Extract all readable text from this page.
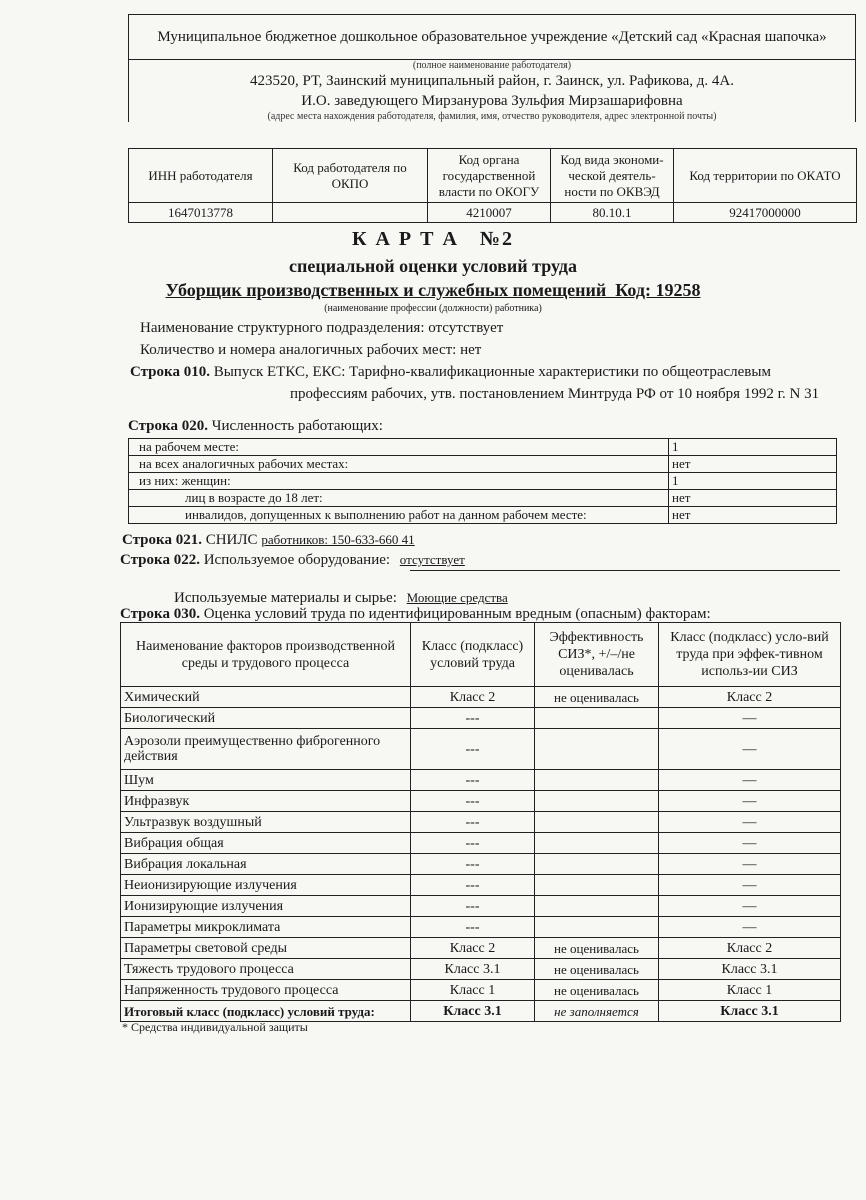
Муниципальное бюджетное дошкольное образовательное учреждение «Детский сад «Красная шапочка»

(полное наименование работодателя)
423520, РТ, Заинский муниципальный район, г. Заинск, ул. Рафикова, д. 4А.
И.О. заведующего Мирзанурова Зульфия Мирзашарифовна
(адрес места нахождения работодателя, фамилия, имя, отчество руководителя, адрес электронной почты)
ИНН работодателя	Код работодателя по ОКПО	Код органа государственной власти по ОКОГУ	Код вида экономи-ческой деятель-ности по ОКВЭД	Код территории по ОКАТО
1647013778		4210007	80.10.1	92417000000
К А Р Т А   №2
специальной оценки условий труда
Уборщик производственных и служебных помещений  Код: 19258
(наименование профессии (должности) работника)
Наименование структурного подразделения: отсутствует
Количество и номера аналогичных рабочих мест: нет
Строка 010. Выпуск ЕТКС, ЕКС: Тарифно-квалификационные характеристики по общеотраслевым
профессиям рабочих, утв. постановлением Минтруда РФ от 10 ноября 1992 г. N 31
Строка 020. Численность работающих:
на рабочем месте:	1
на всех аналогичных рабочих местах:	нет
из них: женщин:	1
лиц в возрасте до 18 лет:	нет
инвалидов, допущенных к выполнению работ на данном рабочем месте:	нет
Строка 021. СНИЛС работников: 150-633-660 41
Строка 022. Используемое оборудование: отсутствует
Используемые материалы и сырье: Моющие средства
Строка 030. Оценка условий труда по идентифицированным вредным (опасным) факторам:
Наименование факторов производственной среды и трудового процесса	Класс (подкласс) условий труда	Эффективность СИЗ*, +/–/не оценивалась	Класс (подкласс) усло-вий труда при эффек-тивном использ-ии СИЗ
Химический	Класс 2	не оценивалась	Класс 2
Биологический	---		—
Аэрозоли преимущественно фиброгенного действия	---		—
Шум	---		—
Инфразвук	---		—
Ультразвук воздушный	---		—
Вибрация общая	---		—
Вибрация локальная	---		—
Неионизирующие излучения	---		—
Ионизирующие излучения	---		—
Параметры микроклимата	---		—
Параметры световой среды	Класс 2	не оценивалась	Класс 2
Тяжесть трудового процесса	Класс 3.1	не оценивалась	Класс 3.1
Напряженность трудового процесса	Класс 1	не оценивалась	Класс 1
Итоговый класс (подкласс) условий труда:	Класс 3.1	не заполняется	Класс 3.1
* Средства индивидуальной защиты
